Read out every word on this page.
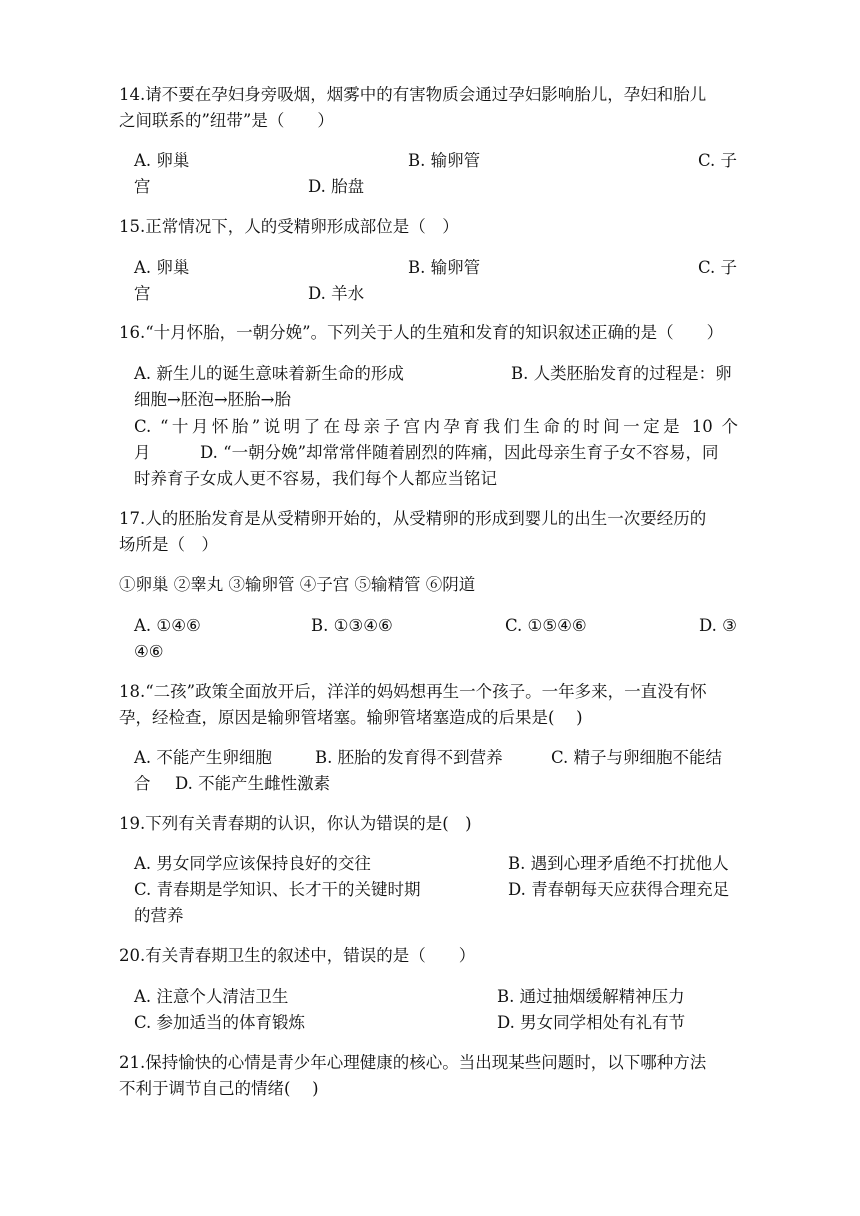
14.请不要在孕妇身旁吸烟，烟雾中的有害物质会通过孕妇影响胎儿，孕妇和胎儿
之间联系的”纽带”是（　　）
A. 卵巢	B. 输卵管	C. 子
宫	D. 胎盘
15.正常情况下，人的受精卵形成部位是（　）
A. 卵巢	B. 输卵管	C. 子
宫	D. 羊水
16.“十月怀胎，一朝分娩”。下列关于人的生殖和发育的知识叙述正确的是（　　）
A. 新生儿的诞生意味着新生命的形成	B. 人类胚胎发育的过程是：卵
细胞→胚泡→胚胎→胎
C. “十月怀胎”说明了在母亲子宫内孕育我们生命的时间一定是 10 个
月	D. “一朝分娩”却常常伴随着剧烈的阵痛，因此母亲生育子女不容易，同
时养育子女成人更不容易，我们每个人都应当铭记
17.人的胚胎发育是从受精卵开始的，从受精卵的形成到婴儿的出生一次要经历的
场所是（　）
①卵巢 ②睾丸 ③输卵管 ④子宫 ⑤输精管 ⑥阴道
A. ①④⑥	B. ①③④⑥	C. ①⑤④⑥	D. ③
④⑥
18.“二孩”政策全面放开后，洋洋的妈妈想再生一个孩子。一年多来，一直没有怀
孕，经检查，原因是输卵管堵塞。输卵管堵塞造成的后果是(　 )
A. 不能产生卵细胞	B. 胚胎的发育得不到营养	C. 精子与卵细胞不能结
合 D. 不能产生雌性激素
19.下列有关青春期的认识，你认为错误的是(　)
A. 男女同学应该保持良好的交往	B. 遇到心理矛盾绝不打扰他人
C. 青春期是学知识、长才干的关键时期	D. 青春朝每天应获得合理充足
的营养
20.有关青春期卫生的叙述中，错误的是（　　）
A. 注意个人清洁卫生	B. 通过抽烟缓解精神压力
C. 参加适当的体育锻炼	D. 男女同学相处有礼有节
21.保持愉快的心情是青少年心理健康的核心。当出现某些问题时，以下哪种方法
不利于调节自己的情绪(　 )
